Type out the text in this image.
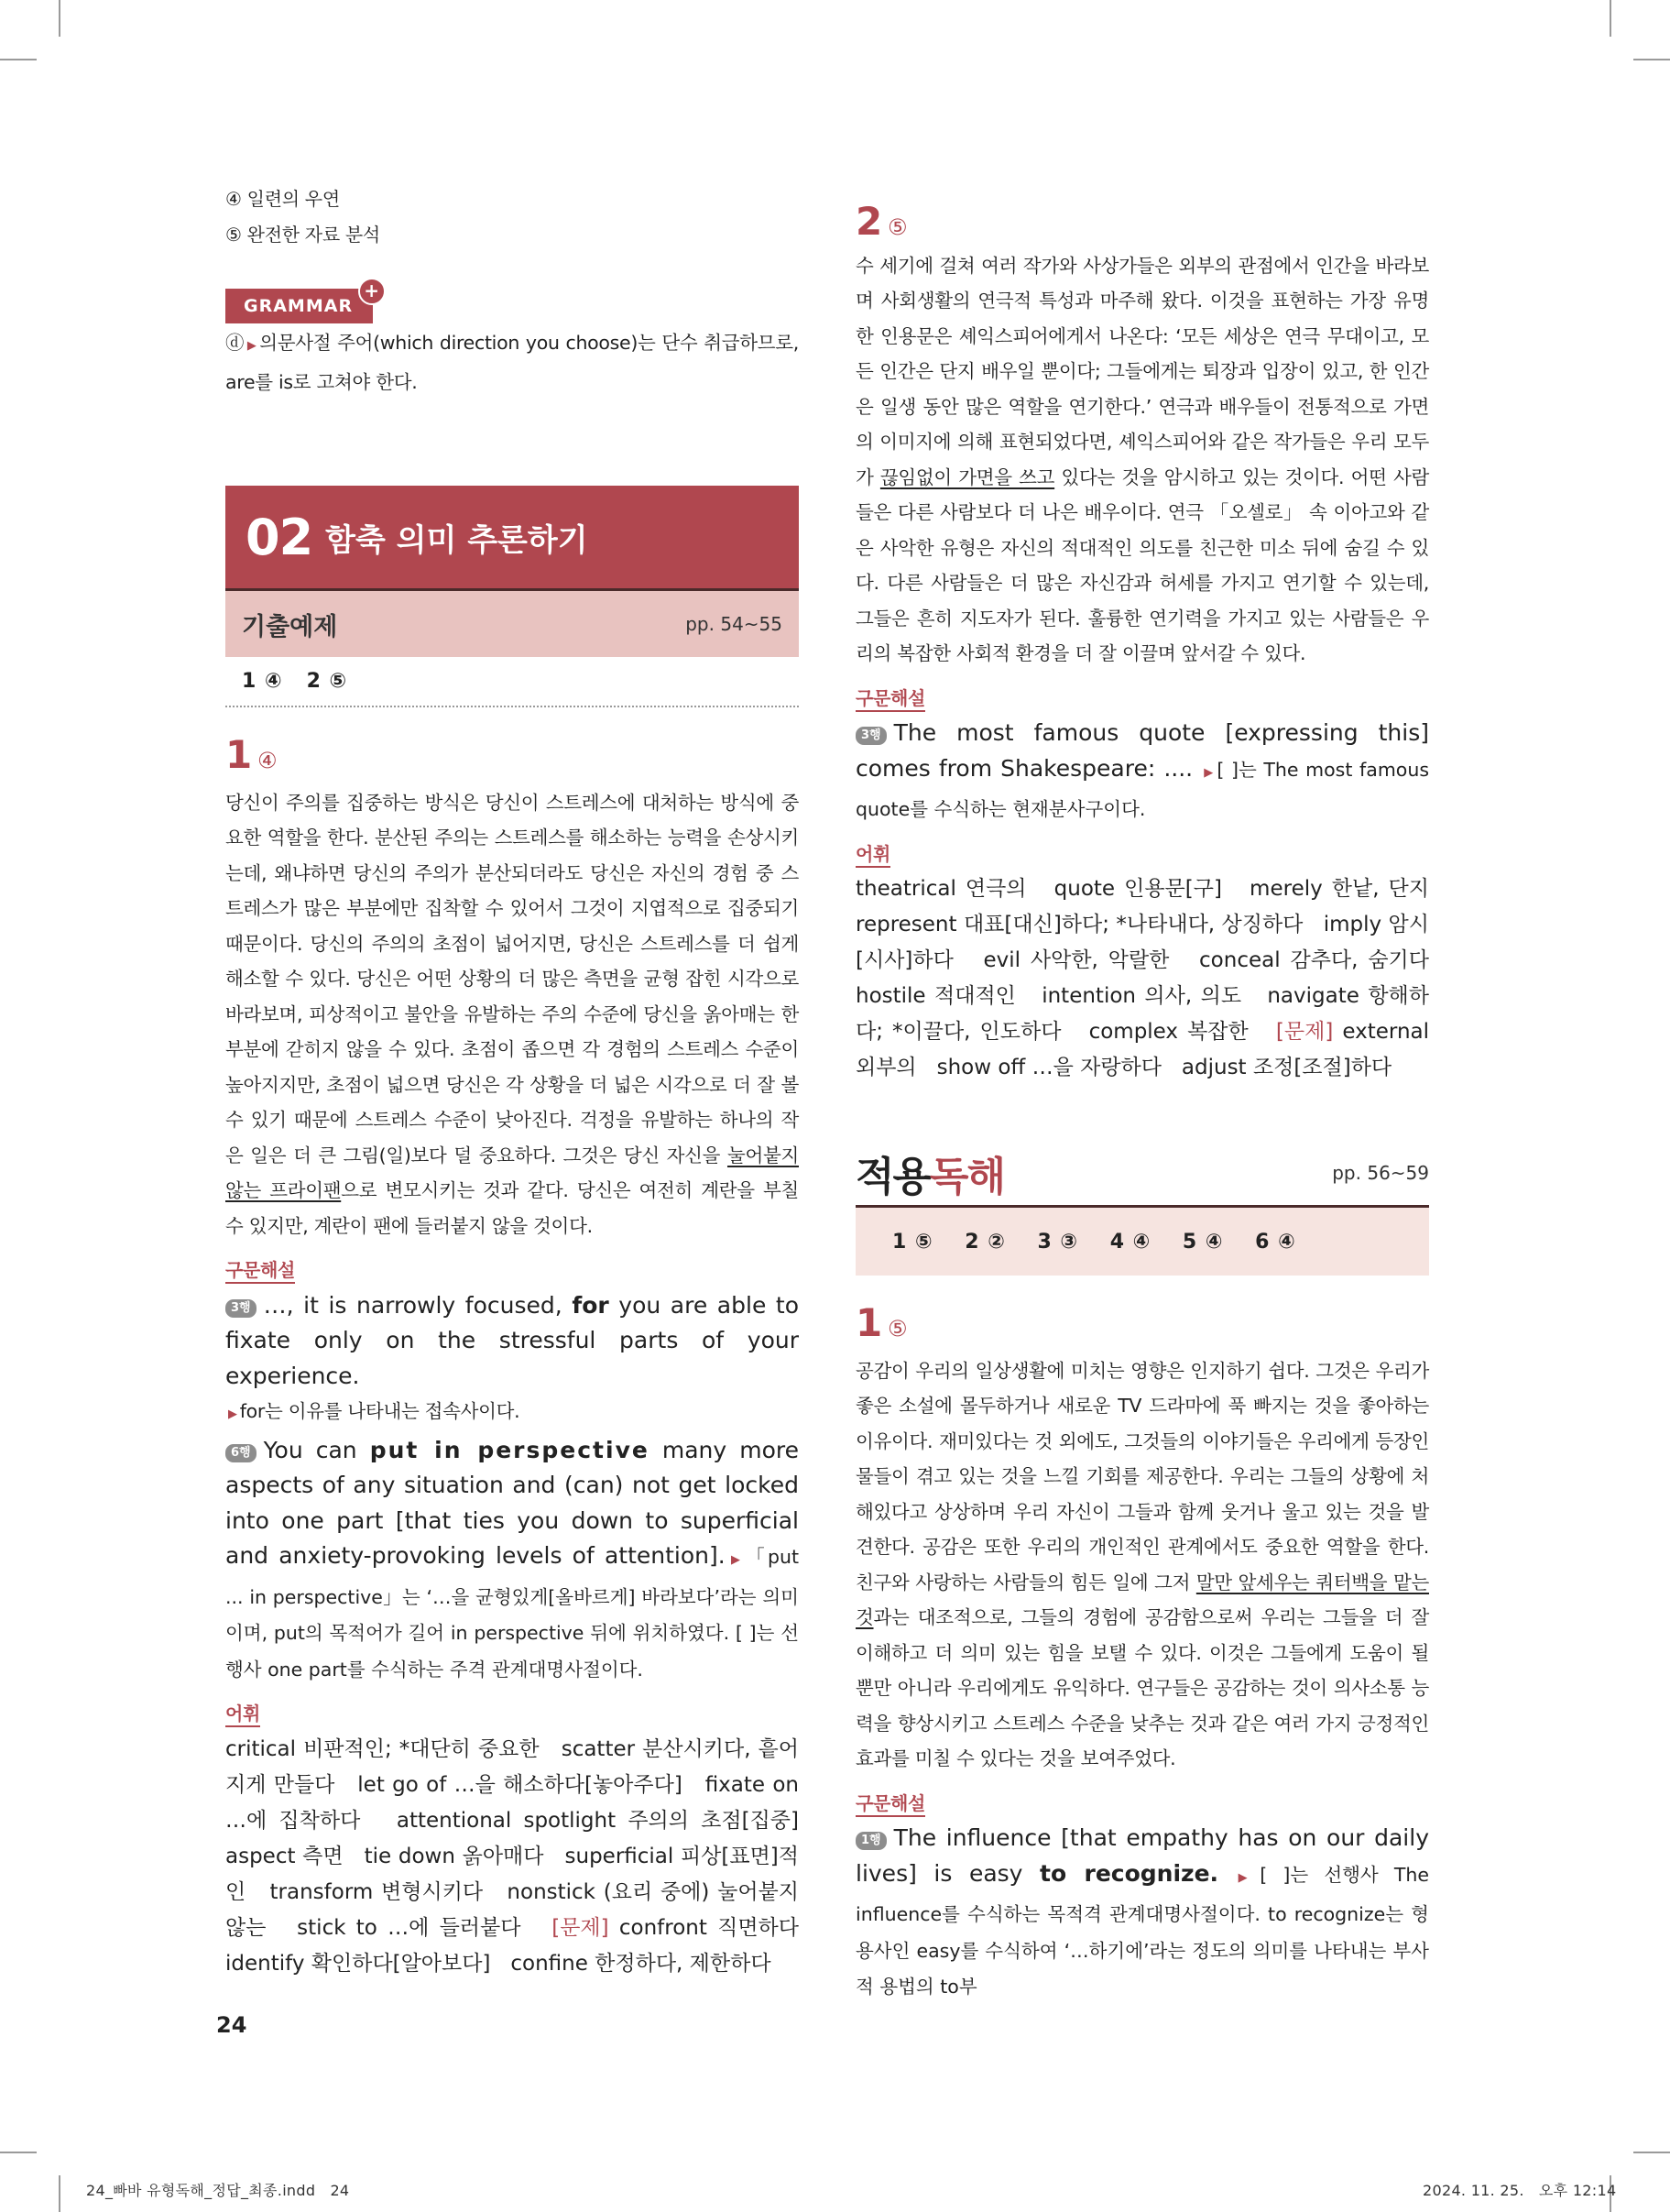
④ 일련의 우연
⑤ 완전한 자료 분석
GRAMMAR
+

ⓓ ▶ 의문사절 주어(which direction you choose)는 단수 취급하므로, are를 is로 고쳐야 한다.

02 함축 의미 추론하기
기출예제	pp. 54~55
1 ④   2 ⑤
1 ④

당신이 주의를 집중하는 방식은 당신이 스트레스에 대처하는 방식에 중요한 역할을 한다. 분산된 주의는 스트레스를 해소하는 능력을 손상시키는데, 왜냐하면 당신의 주의가 분산되더라도 당신은 자신의 경험 중 스트레스가 많은 부분에만 집착할 수 있어서 그것이 지엽적으로 집중되기 때문이다. 당신의 주의의 초점이 넓어지면, 당신은 스트레스를 더 쉽게 해소할 수 있다. 당신은 어떤 상황의 더 많은 측면을 균형 잡힌 시각으로 바라보며, 피상적이고 불안을 유발하는 주의 수준에 당신을 옭아매는 한 부분에 갇히지 않을 수 있다. 초점이 좁으면 각 경험의 스트레스 수준이 높아지지만, 초점이 넓으면 당신은 각 상황을 더 넓은 시각으로 더 잘 볼 수 있기 때문에 스트레스 수준이 낮아진다. 걱정을 유발하는 하나의 작은 일은 더 큰 그림(일)보다 덜 중요하다. 그것은 당신 자신을 눌어붙지 않는 프라이팬으로 변모시키는 것과 같다. 당신은 여전히 계란을 부칠 수 있지만, 계란이 팬에 들러붙지 않을 것이다.

구문해설

3행 …, it is narrowly focused, for you are able to fixate only on the stressful parts of your experience.

▶ for는 이유를 나타내는 접속사이다.

6행 You can put in perspective many more aspects of any situation and (can) not get locked into one part [that ties you down to superficial and anxiety-provoking levels of attention]. ▶ 「put ... in perspective」는 ‘…을 균형있게[올바르게] 바라보다’라는 의미이며, put의 목적어가 길어 in perspective 뒤에 위치하였다. [ ]는 선행사 one part를 수식하는 주격 관계대명사절이다.

어휘

critical 비판적인; *대단히 중요한   scatter 분산시키다, 흩어지게 만들다   let go of …을 해소하다[놓아주다]   fixate on …에 집착하다   attentional spotlight 주의의 초점[집중]   aspect 측면   tie down 옭아매다   superficial 피상[표면]적인   transform 변형시키다   nonstick (요리 중에) 눌어붙지 않는   stick to …에 들러붙다   [문제] confront 직면하다   identify 확인하다[알아보다]   confine 한정하다, 제한하다

2 ⑤

수 세기에 걸쳐 여러 작가와 사상가들은 외부의 관점에서 인간을 바라보며 사회생활의 연극적 특성과 마주해 왔다. 이것을 표현하는 가장 유명한 인용문은 셰익스피어에게서 나온다: ‘모든 세상은 연극 무대이고, 모든 인간은 단지 배우일 뿐이다; 그들에게는 퇴장과 입장이 있고, 한 인간은 일생 동안 많은 역할을 연기한다.’ 연극과 배우들이 전통적으로 가면의 이미지에 의해 표현되었다면, 셰익스피어와 같은 작가들은 우리 모두가 끊임없이 가면을 쓰고 있다는 것을 암시하고 있는 것이다. 어떤 사람들은 다른 사람보다 더 나은 배우이다. 연극 「오셀로」 속 이아고와 같은 사악한 유형은 자신의 적대적인 의도를 친근한 미소 뒤에 숨길 수 있다. 다른 사람들은 더 많은 자신감과 허세를 가지고 연기할 수 있는데, 그들은 흔히 지도자가 된다. 훌륭한 연기력을 가지고 있는 사람들은 우리의 복잡한 사회적 환경을 더 잘 이끌며 앞서갈 수 있다.

구문해설

3행 The most famous quote [expressing this] comes from Shakespeare: .... ▶ [ ]는 The most famous quote를 수식하는 현재분사구이다.

어휘

theatrical 연극의   quote 인용문[구]   merely 한낱, 단지   represent 대표[대신]하다; *나타내다, 상징하다   imply 암시[시사]하다   evil 사악한, 악랄한   conceal 감추다, 숨기다   hostile 적대적인   intention 의사, 의도   navigate 항해하다; *이끌다, 인도하다   complex 복잡한   [문제] external 외부의   show off …을 자랑하다   adjust 조정[조절]하다

적용독해	pp. 56~59
1 ⑤    2 ②    3 ③    4 ④    5 ④    6 ④
1 ⑤

공감이 우리의 일상생활에 미치는 영향은 인지하기 쉽다. 그것은 우리가 좋은 소설에 몰두하거나 새로운 TV 드라마에 푹 빠지는 것을 좋아하는 이유이다. 재미있다는 것 외에도, 그것들의 이야기들은 우리에게 등장인물들이 겪고 있는 것을 느낄 기회를 제공한다. 우리는 그들의 상황에 처해있다고 상상하며 우리 자신이 그들과 함께 웃거나 울고 있는 것을 발견한다. 공감은 또한 우리의 개인적인 관계에서도 중요한 역할을 한다. 친구와 사랑하는 사람들의 힘든 일에 그저 말만 앞세우는 쿼터백을 맡는 것과는 대조적으로, 그들의 경험에 공감함으로써 우리는 그들을 더 잘 이해하고 더 의미 있는 힘을 보탤 수 있다. 이것은 그들에게 도움이 될 뿐만 아니라 우리에게도 유익하다. 연구들은 공감하는 것이 의사소통 능력을 향상시키고 스트레스 수준을 낮추는 것과 같은 여러 가지 긍정적인 효과를 미칠 수 있다는 것을 보여주었다.

구문해설

1행 The influence [that empathy has on our daily lives] is easy to recognize. ▶ [ ]는 선행사 The influence를 수식하는 목적격 관계대명사절이다. to recognize는 형용사인 easy를 수식하여 ‘…하기에’라는 정도의 의미를 나타내는 부사적 용법의 to부

24
24_빠바 유형독해_정답_최종.indd   24	2024. 11. 25.   오후 12:14
